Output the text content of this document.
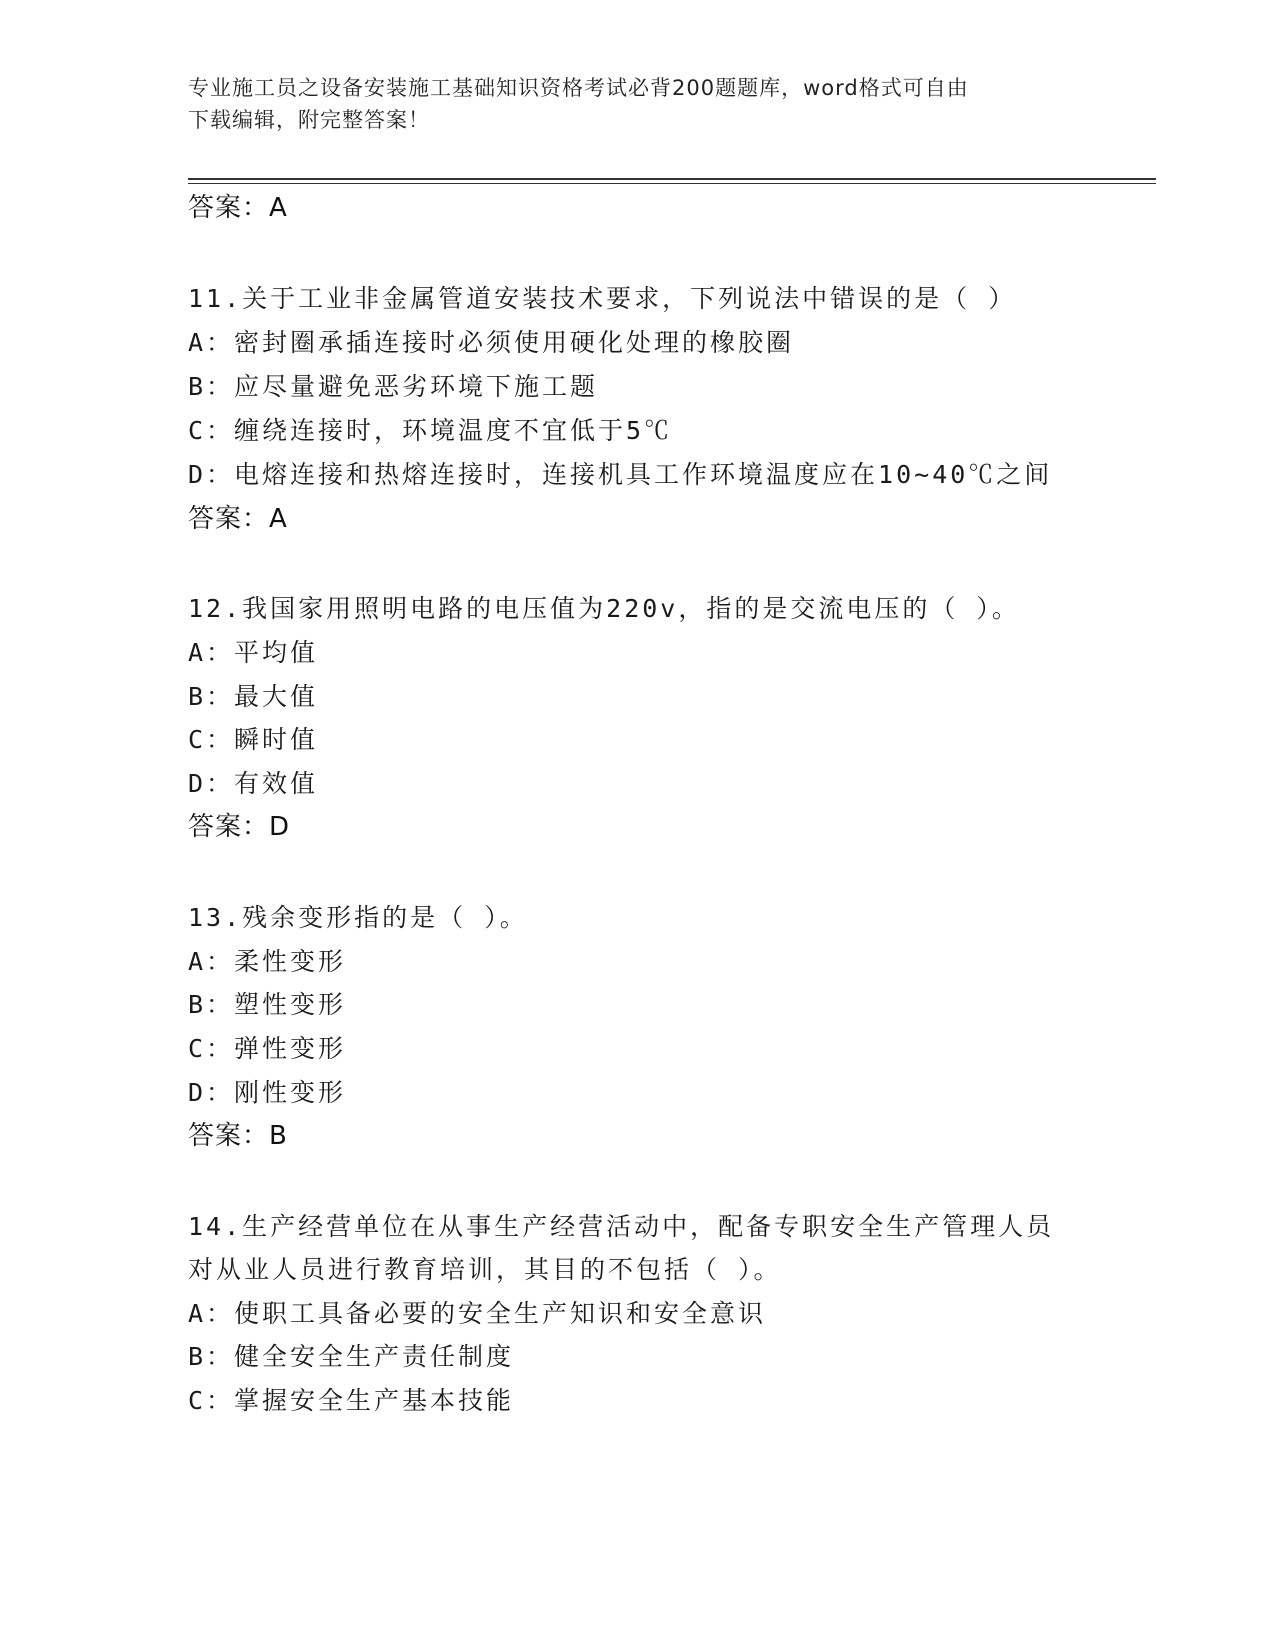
专业施工员之设备安装施工基础知识资格考试必背200题题库，word格式可自由
下载编辑，附完整答案！
答案：A
11.关于工业非金属管道安装技术要求，下列说法中错误的是（ ）
A：密封圈承插连接时必须使用硬化处理的橡胶圈
B：应尽量避免恶劣环境下施工题
C：缠绕连接时，环境温度不宜低于5℃
D：电熔连接和热熔连接时，连接机具工作环境温度应在10~40℃之间
答案：A
12.我国家用照明电路的电压值为220v，指的是交流电压的（ ）。
A：平均值
B：最大值
C：瞬时值
D：有效值
答案：D
13.残余变形指的是（ ）。
A：柔性变形
B：塑性变形
C：弹性变形
D：刚性变形
答案：B
14.生产经营单位在从事生产经营活动中，配备专职安全生产管理人员
对从业人员进行教育培训，其目的不包括（ ）。
A：使职工具备必要的安全生产知识和安全意识
B：健全安全生产责任制度
C：掌握安全生产基本技能
